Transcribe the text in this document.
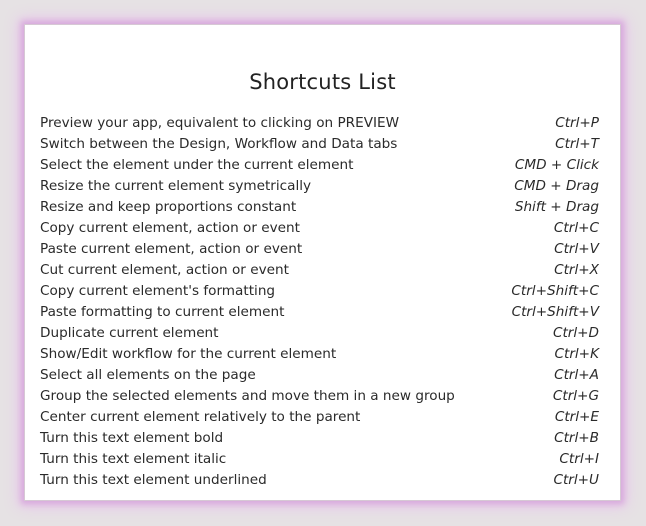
Shortcuts List
Preview your app, equivalent to clicking on PREVIEW	Ctrl+P
Switch between the Design, Workflow and Data tabs	Ctrl+T
Select the element under the current element	CMD + Click
Resize the current element symetrically	CMD + Drag
Resize and keep proportions constant	Shift + Drag
Copy current element, action or event	Ctrl+C
Paste current element, action or event	Ctrl+V
Cut current element, action or event	Ctrl+X
Copy current element's formatting	Ctrl+Shift+C
Paste formatting to current element	Ctrl+Shift+V
Duplicate current element	Ctrl+D
Show/Edit workflow for the current element	Ctrl+K
Select all elements on the page	Ctrl+A
Group the selected elements and move them in a new group	Ctrl+G
Center current element relatively to the parent	Ctrl+E
Turn this text element bold	Ctrl+B
Turn this text element italic	Ctrl+I
Turn this text element underlined	Ctrl+U
